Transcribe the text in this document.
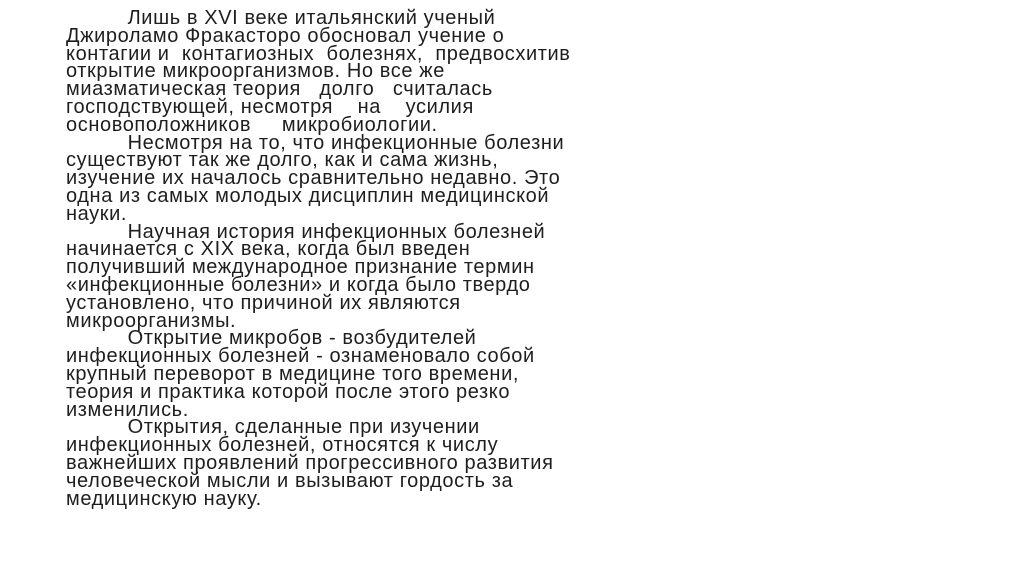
Лишь в XVI веке итальянский ученый
Джироламо Фракасторо обосновал учение о
контагии и  контагиозных  болезнях,  предвосхитив
открытие микроорганизмов. Но все же
миазматическая теория   долго   считалась
господствующей, несмотря    на    усилия
основоположников     микробиологии.
Несмотря на то, что инфекционные болезни
существуют так же долго, как и сама жизнь,
изучение их началось сравнительно недавно. Это
одна из самых молодых дисциплин медицинской
науки.
Научная история инфекционных болезней
начинается с XIX века, когда был введен
получивший международное признание термин
«инфекционные болезни» и когда было твердо
установлено, что причиной их являются
микроорганизмы.
Открытие микробов - возбудителей
инфекционных болезней - ознаменовало собой
крупный переворот в медицине того времени,
теория и практика которой после этого резко
изменились.
Открытия, сделанные при изучении
инфекционных болезней, относятся к числу
важнейших проявлений прогрессивного развития
человеческой мысли и вызывают гордость за
медицинскую науку.
